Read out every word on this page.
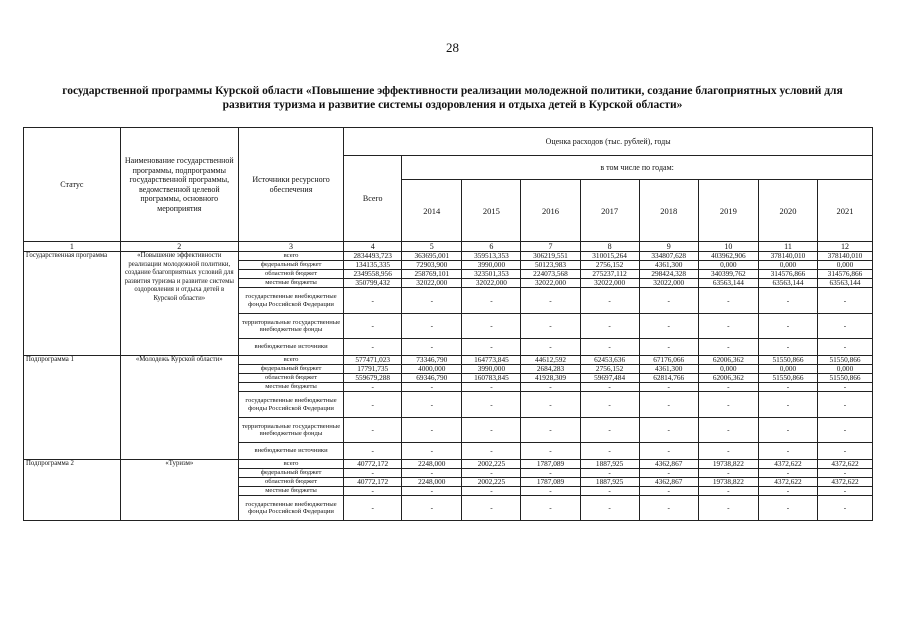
28
государственной программы Курской области «Повышение эффективности реализации молодежной политики, создание благоприятных условий для развития туризма и развитие системы оздоровления и отдыха детей в Курской области»
Статус	Наименование государственной программы, подпрограммы государственной программы, ведомственной целевой программы, основного мероприятия	Источники ресурсного обеспечения	Оценка расходов (тыс. рублей), годы								
			Всего	в том числе по годам:							
				2014	2015	2016	2017	2018	2019	2020	2021
1	2	3	4	5	6	7	8	9	10	11	12
Государственная программа	«Повышение эффективности реализации молодежной политики, создание благоприятных условий для развития туризма и развитие системы оздоровления и отдыха детей в Курской области»	всего	2834493,723	363695,001	359513,353	306219,551	310015,264	334807,628	403962,906	378140,010	378140,010
		федеральный бюджет	134135,335	72903,900	3990,000	50123,983	2756,152	4361,300	0,000	0,000	0,000
		областной бюджет	2349558,956	258769,101	323501,353	224073,568	275237,112	298424,328	340399,762	314576,866	314576,866
		местные бюджеты	350799,432	32022,000	32022,000	32022,000	32022,000	32022,000	63563,144	63563,144	63563,144
		государственные внебюджетные фонды Российской Федерации	-	-	-	-	-	-	-	-	-
		территориальные государственные внебюджетные фонды	-	-	-	-	-	-	-	-	-
		внебюджетные источники	-	-	-	-	-	-	-	-	-
Подпрограмма 1	«Молодежь Курской области»	всего	577471,023	73346,790	164773,845	44612,592	62453,636	67176,066	62006,362	51550,866	51550,866
		федеральный бюджет	17791,735	4000,000	3990,000	2684,283	2756,152	4361,300	0,000	0,000	0,000
		областной бюджет	559679,288	69346,790	160783,845	41928,309	59697,484	62814,766	62006,362	51550,866	51550,866
		местные бюджеты	-	-	-	-	-	-	-	-	-
		государственные внебюджетные фонды Российской Федерации	-	-	-	-	-	-	-	-	-
		территориальные государственные внебюджетные фонды	-	-	-	-	-	-	-	-	-
		внебюджетные источники	-	-	-	-	-	-	-	-	-
Подпрограмма 2	«Туризм»	всего	40772,172	2248,000	2002,225	1787,089	1887,925	4362,867	19738,822	4372,622	4372,622
		федеральный бюджет	-	-	-	-	-	-	-	-	-
		областной бюджет	40772,172	2248,000	2002,225	1787,089	1887,925	4362,867	19738,822	4372,622	4372,622
		местные бюджеты	-	-	-	-	-	-	-	-	-
		государственные внебюджетные фонды Российской Федерации	-	-	-	-	-	-	-	-	-
